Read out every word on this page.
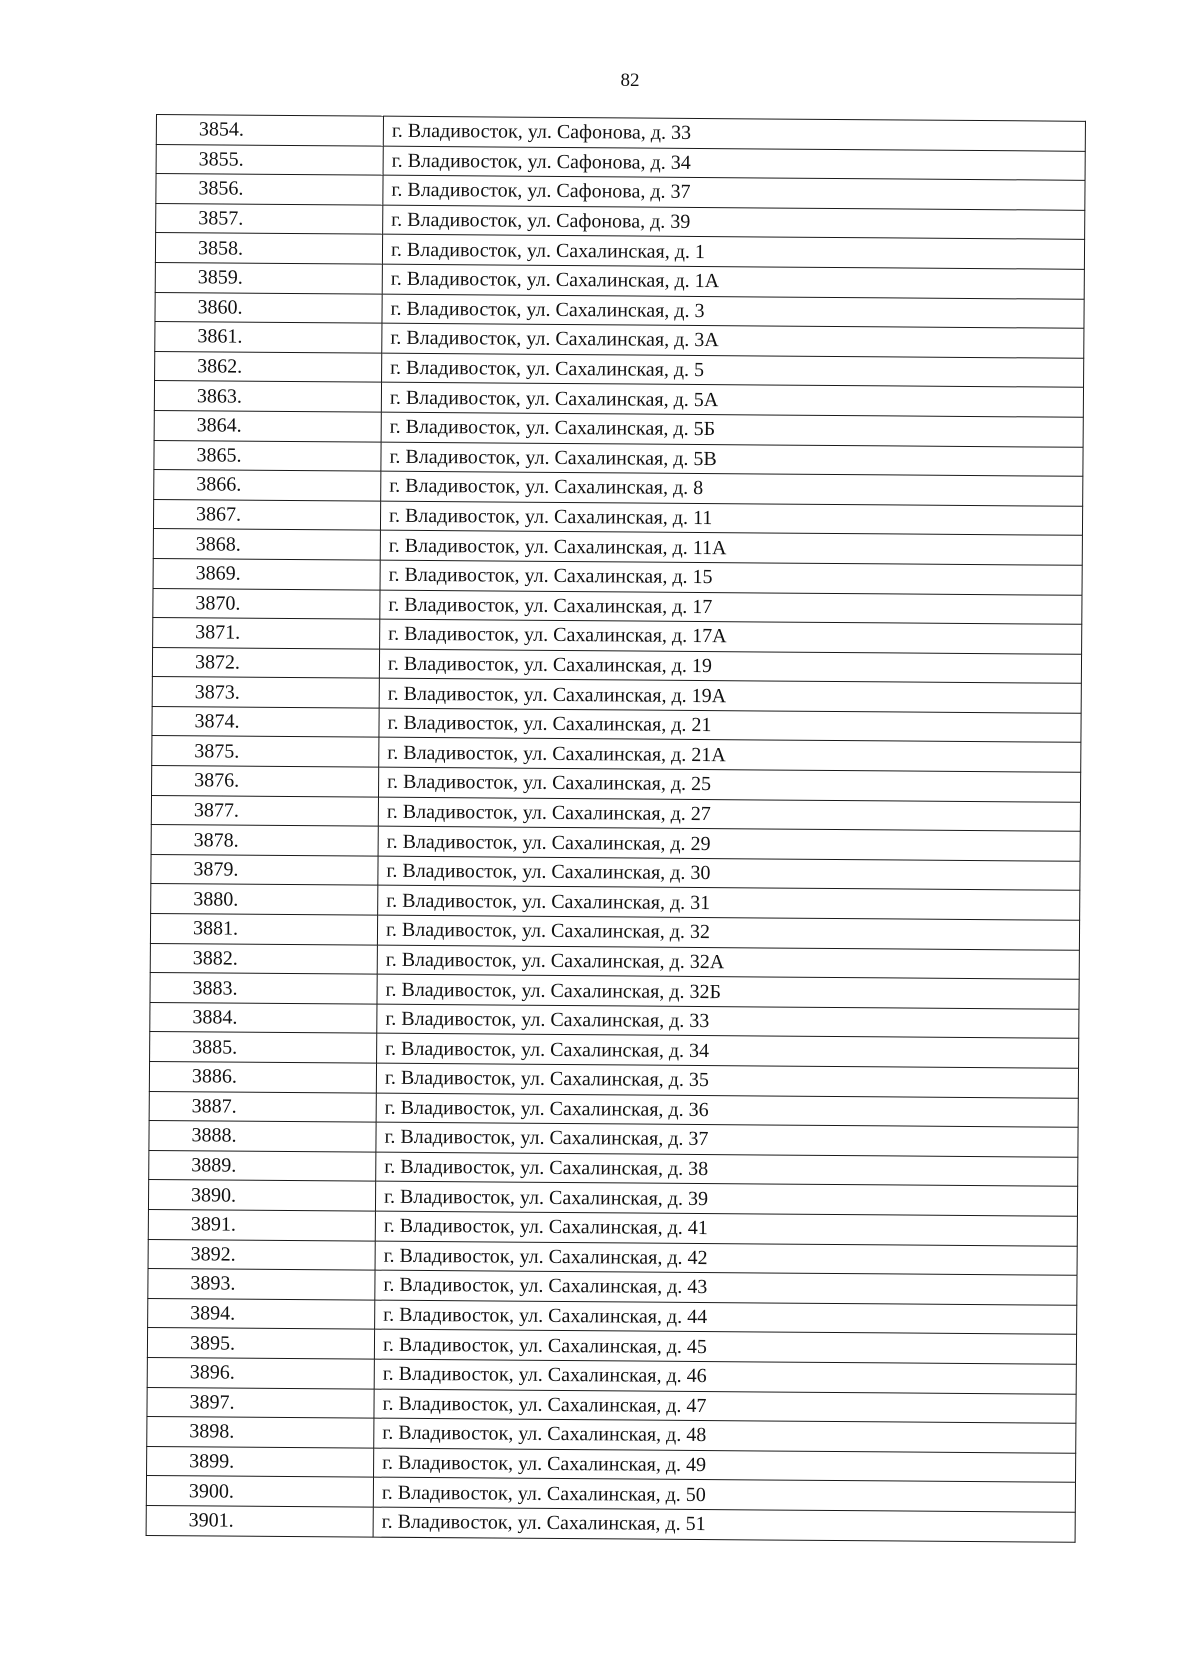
82
3854.	г. Владивосток, ул. Сафонова, д. 33
3855.	г. Владивосток, ул. Сафонова, д. 34
3856.	г. Владивосток, ул. Сафонова, д. 37
3857.	г. Владивосток, ул. Сафонова, д. 39
3858.	г. Владивосток, ул. Сахалинская, д. 1
3859.	г. Владивосток, ул. Сахалинская, д. 1А
3860.	г. Владивосток, ул. Сахалинская, д. 3
3861.	г. Владивосток, ул. Сахалинская, д. 3А
3862.	г. Владивосток, ул. Сахалинская, д. 5
3863.	г. Владивосток, ул. Сахалинская, д. 5А
3864.	г. Владивосток, ул. Сахалинская, д. 5Б
3865.	г. Владивосток, ул. Сахалинская, д. 5В
3866.	г. Владивосток, ул. Сахалинская, д. 8
3867.	г. Владивосток, ул. Сахалинская, д. 11
3868.	г. Владивосток, ул. Сахалинская, д. 11А
3869.	г. Владивосток, ул. Сахалинская, д. 15
3870.	г. Владивосток, ул. Сахалинская, д. 17
3871.	г. Владивосток, ул. Сахалинская, д. 17А
3872.	г. Владивосток, ул. Сахалинская, д. 19
3873.	г. Владивосток, ул. Сахалинская, д. 19А
3874.	г. Владивосток, ул. Сахалинская, д. 21
3875.	г. Владивосток, ул. Сахалинская, д. 21А
3876.	г. Владивосток, ул. Сахалинская, д. 25
3877.	г. Владивосток, ул. Сахалинская, д. 27
3878.	г. Владивосток, ул. Сахалинская, д. 29
3879.	г. Владивосток, ул. Сахалинская, д. 30
3880.	г. Владивосток, ул. Сахалинская, д. 31
3881.	г. Владивосток, ул. Сахалинская, д. 32
3882.	г. Владивосток, ул. Сахалинская, д. 32А
3883.	г. Владивосток, ул. Сахалинская, д. 32Б
3884.	г. Владивосток, ул. Сахалинская, д. 33
3885.	г. Владивосток, ул. Сахалинская, д. 34
3886.	г. Владивосток, ул. Сахалинская, д. 35
3887.	г. Владивосток, ул. Сахалинская, д. 36
3888.	г. Владивосток, ул. Сахалинская, д. 37
3889.	г. Владивосток, ул. Сахалинская, д. 38
3890.	г. Владивосток, ул. Сахалинская, д. 39
3891.	г. Владивосток, ул. Сахалинская, д. 41
3892.	г. Владивосток, ул. Сахалинская, д. 42
3893.	г. Владивосток, ул. Сахалинская, д. 43
3894.	г. Владивосток, ул. Сахалинская, д. 44
3895.	г. Владивосток, ул. Сахалинская, д. 45
3896.	г. Владивосток, ул. Сахалинская, д. 46
3897.	г. Владивосток, ул. Сахалинская, д. 47
3898.	г. Владивосток, ул. Сахалинская, д. 48
3899.	г. Владивосток, ул. Сахалинская, д. 49
3900.	г. Владивосток, ул. Сахалинская, д. 50
3901.	г. Владивосток, ул. Сахалинская, д. 51
